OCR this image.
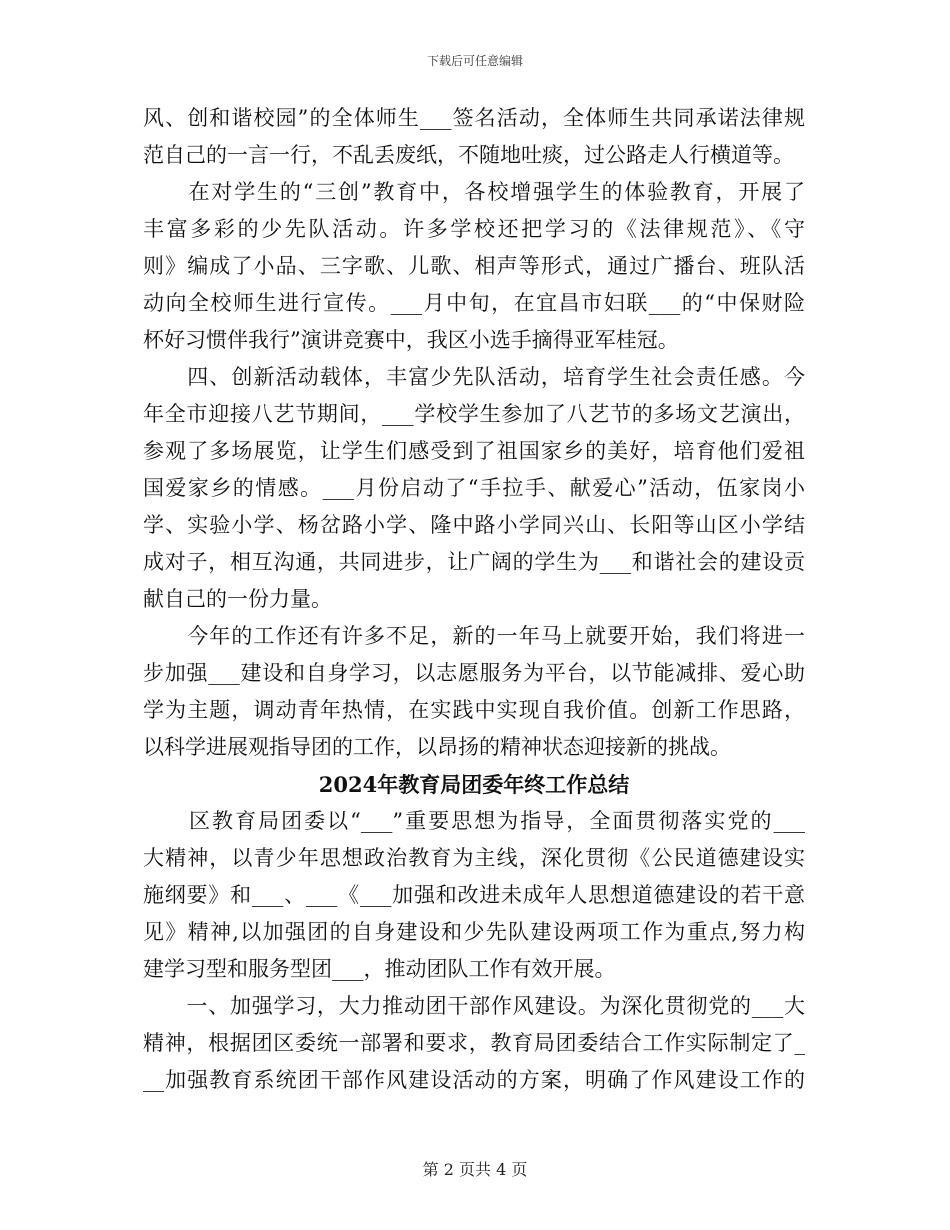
下载后可任意编辑
风、创和谐校园”的全体师生___签名活动，全体师生共同承诺法律规
范自己的一言一行，不乱丢废纸，不随地吐痰，过公路走人行横道等。
　　在对学生的“三创”教育中，各校增强学生的体验教育，开展了
丰富多彩的少先队活动。许多学校还把学习的《法律规范》、《守
则》编成了小品、三字歌、儿歌、相声等形式，通过广播台、班队活
动向全校师生进行宣传。___月中旬，在宜昌市妇联___的“中保财险
杯好习惯伴我行”演讲竞赛中，我区小选手摘得亚军桂冠。
　　四、创新活动载体，丰富少先队活动，培育学生社会责任感。今
年全市迎接八艺节期间，___学校学生参加了八艺节的多场文艺演出，
参观了多场展览，让学生们感受到了祖国家乡的美好，培育他们爱祖
国爱家乡的情感。___月份启动了“手拉手、献爱心”活动，伍家岗小
学、实验小学、杨岔路小学、隆中路小学同兴山、长阳等山区小学结
成对子，相互沟通，共同进步，让广阔的学生为___和谐社会的建设贡
献自己的一份力量。
　　今年的工作还有许多不足，新的一年马上就要开始，我们将进一
步加强___建设和自身学习，以志愿服务为平台，以节能减排、爱心助
学为主题，调动青年热情，在实践中实现自我价值。创新工作思路，
以科学进展观指导团的工作，以昂扬的精神状态迎接新的挑战。
2024年教育局团委年终工作总结
　　区教育局团委以“___”重要思想为指导，全面贯彻落实党的___
大精神，以青少年思想政治教育为主线，深化贯彻《公民道德建设实
施纲要》和___、___《___加强和改进未成年人思想道德建设的若干意
见》精神,以加强团的自身建设和少先队建设两项工作为重点,努力构
建学习型和服务型团___，推动团队工作有效开展。
　　一、加强学习，大力推动团干部作风建设。为深化贯彻党的___大
精神，根据团区委统一部署和要求，教育局团委结合工作实际制定了_
__加强教育系统团干部作风建设活动的方案，明确了作风建设工作的
第 2 页共 4 页
